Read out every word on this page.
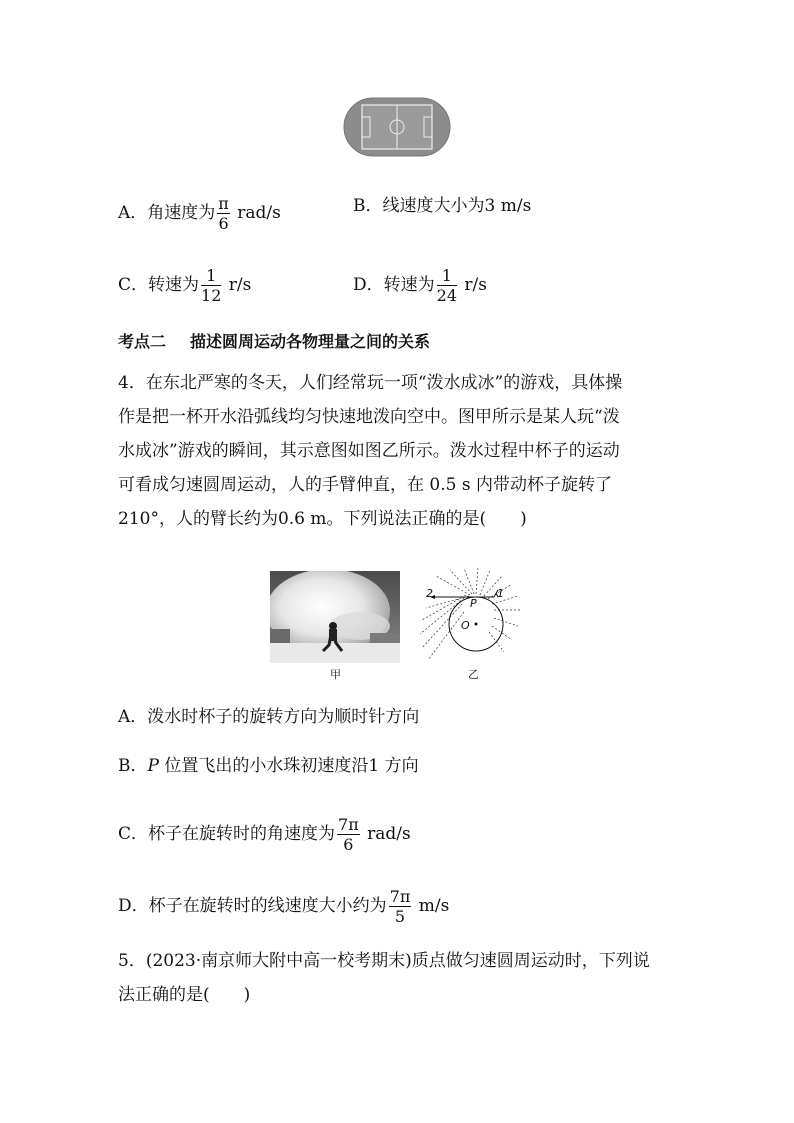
A．角速度为 $\frac{\pi}{6} rad/s$	B．线速度大小为3 m/s
C．转速为 $\frac{1}{12} r/s$	D．转速为 $\frac{1}{24} r/s$
考点二 描述圆周运动各物理量之间的关系
4．在东北严寒的冬天，人们经常玩一项“泼水成冰”的游戏，具体操
作是把一杯开水沿弧线均匀快速地泼向空中。图甲所示是某人玩“泼
水成冰”游戏的瞬间，其示意图如图乙所示。泼水过程中杯子的运动
可看成匀速圆周运动，人的手臂伸直，在 0.5 s 内带动杯子旋转了
210°，人的臂长约为0.6 m。下列说法正确的是(　　)
甲
2	1
P
O
乙
A．泼水时杯子的旋转方向为顺时针方向
B．P 位置飞出的小水珠初速度沿1 方向
C．杯子在旋转时的角速度为 $\frac{7\pi}{6} rad/s$
D．杯子在旋转时的线速度大小约为 $\frac{7\pi}{5} m/s$
5．(2023·南京师大附中高一校考期末)质点做匀速圆周运动时，下列说
法正确的是(　　)
